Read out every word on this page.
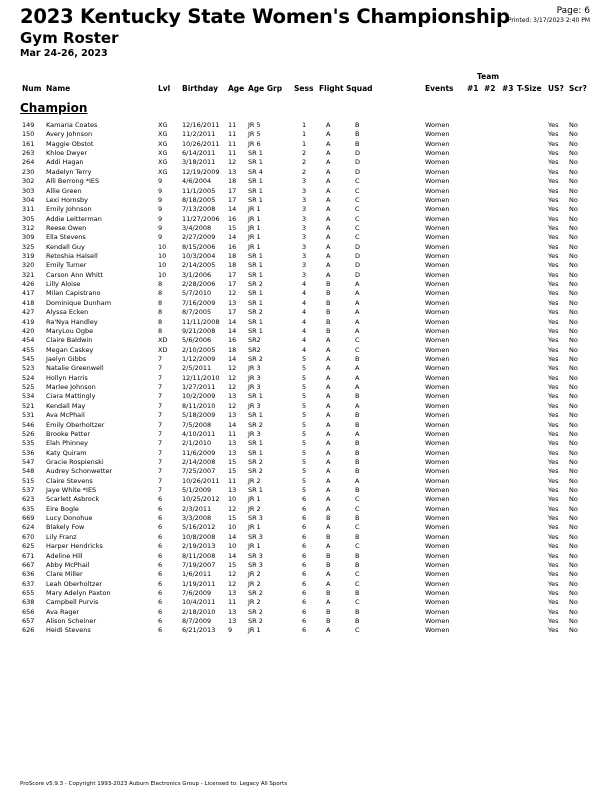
2023 Kentucky State Women's Championship
Gym Roster
Mar 24-26, 2023
Page: 6
Printed: 3/17/2023 2:40 PM
Team
Num Name	Lvl Birthday Age Age Grp Sess Flight Squad	Events #1 #2 #3 T-Size US? Scr?
Champion
149 Kamaria Coates	XG 12/16/2011 11 JR 5	1	A	B	Women	Yes No
150 Avery Johnson	XG 11/2/2011 11 JR 5	1	A	B	Women	Yes No
161 Maggie Obstot	XG 10/26/2011 11 JR 6	1	A	B	Women	Yes No
263 Khloe Dwyer	XG 6/14/2011 11 SR 1	2	A	D	Women	Yes No
264 Addi Hagan	XG 3/18/2011 12 SR 1	2	A	D	Women	Yes No
230 Madelyn Terry	XG 12/19/2009 13 SR 4	2	A	D	Women	Yes No
302 Alli Berrong *IES	9	4/6/2004	18 SR 1	3	A	C	Women	Yes No
303 Allie Green	9	11/1/2005 17 SR 1	3	A	C	Women	Yes No
304 Lexi Hornsby	9	8/18/2005 17 SR 1	3	A	C	Women	Yes No
311 Emily Johnson	9	7/13/2008 14 JR 1	3	A	C	Women	Yes No
305 Addie Leitterman	9	11/27/2006 16 JR 1	3	A	C	Women	Yes No
312 Reese Owen	9	3/4/2008	15 JR 1	3	A	C	Women	Yes No
309 Ella Stevens	9	2/27/2009 14 JR 1	3	A	C	Women	Yes No
325 Kendall Guy	10 8/15/2006 16 JR 1	3	A	D	Women	Yes No
319 Retoshia Halsell	10 10/3/2004 18 SR 1	3	A	D	Women	Yes No
320 Emily Turner	10 2/14/2005 18 SR 1	3	A	D	Women	Yes No
321 Carson Ann Whitt	10 3/1/2006	17 SR 1	3	A	D	Women	Yes No
426 Lilly Aloise	8	2/28/2006 17 SR 2	4	B	A	Women	Yes No
417 Milan Capistrano	8	5/7/2010	12 SR 1	4	B	A	Women	Yes No
418 Dominique Dunham	8	7/16/2009 13 SR 1	4	B	A	Women	Yes No
427 Alyssa Ecken	8	8/7/2005	17 SR 2	4	B	A	Women	Yes No
419 Ra'Nya Handley	8	11/11/2008 14 SR 1	4	B	A	Women	Yes No
420 MaryLou Ogbe	8	9/21/2008 14 SR 1	4	B	A	Women	Yes No
454 Claire Baldwin	XD 5/6/2006	16 SR2	4	A	C	Women	Yes No
455 Megan Caskey	XD 2/10/2005 18 SR2	4	A	C	Women	Yes No
545 Jaelyn Gibbs	7	1/12/2009 14 SR 2	5	A	B	Women	Yes No
523 Natalie Greenwell	7	2/5/2011	12 JR 3	5	A	A	Women	Yes No
524 Hollyn Harris	7	12/11/2010 12 JR 3	5	A	A	Women	Yes No
525 Marlee Johnson	7	1/27/2011 12 JR 3	5	A	A	Women	Yes No
534 Ciara Mattingly	7	10/2/2009 13 SR 1	5	A	B	Women	Yes No
521 Kendall May	7	8/11/2010 12 JR 3	5	A	A	Women	Yes No
531 Ava McPhail	7	5/18/2009 13 SR 1	5	A	B	Women	Yes No
546 Emily Oberholtzer	7	7/5/2008	14 SR 2	5	A	B	Women	Yes No
526 Brooke Petter	7	4/10/2011 11 JR 3	5	A	A	Women	Yes No
535 Elah Phinney	7	2/1/2010	13 SR 1	5	A	B	Women	Yes No
536 Katy Quiram	7	11/6/2009 13 SR 1	5	A	B	Women	Yes No
547 Gracie Rospienski	7	2/14/2008 15 SR 2	5	A	B	Women	Yes No
548 Audrey Schonwetter	7	7/25/2007 15 SR 2	5	A	B	Women	Yes No
515 Claire Stevens	7	10/26/2011 11 JR 2	5	A	A	Women	Yes No
537 Jaye White *IES	7	5/1/2009	13 SR 1	5	A	B	Women	Yes No
623 Scarlett Asbrock	6	10/25/2012 10 JR 1	6	A	C	Women	Yes No
635 Eire Bogle	6	2/3/2011	12 JR 2	6	A	C	Women	Yes No
669 Lucy Donohue	6	3/3/2008	15 SR 3	6	B	B	Women	Yes No
624 Blakely Fow	6	5/16/2012 10 JR 1	6	A	C	Women	Yes No
670 Lily Franz	6	10/8/2008 14 SR 3	6	B	B	Women	Yes No
625 Harper Hendricks	6	2/19/2013 10 JR 1	6	A	C	Women	Yes No
671 Adeline Hill	6	8/11/2008 14 SR 3	6	B	B	Women	Yes No
667 Abby McPhail	6	7/19/2007 15 SR 3	6	B	B	Women	Yes No
636 Clare Miller	6	1/6/2011	12 JR 2	6	A	C	Women	Yes No
637 Leah Oberholtzer	6	1/19/2011 12 JR 2	6	A	C	Women	Yes No
655 Mary Adelyn Paxton	6	7/6/2009	13 SR 2	6	B	B	Women	Yes No
638 Campbell Purvis	6	10/4/2011 11 JR 2	6	A	C	Women	Yes No
656 Ava Rager	6	2/18/2010 13 SR 2	6	B	B	Women	Yes No
657 Alison Scheiner	6	8/7/2009	13 SR 2	6	B	B	Women	Yes No
626 Heidi Stevens	6	6/21/2013 9 JR 1	6	A	C	Women	Yes No
ProScore v5.9.3 - Copyright 1993-2023 Auburn Electronics Group - Licensed to: Legacy All Sports
